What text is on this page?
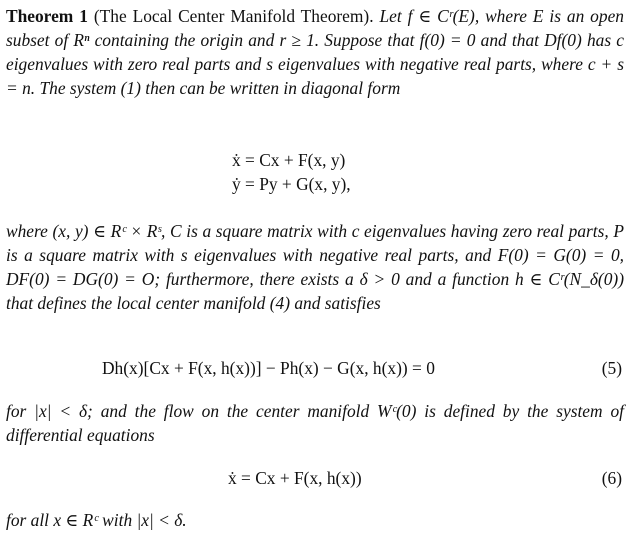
Theorem 1 (The Local Center Manifold Theorem). Let f ∈ Cʳ(E), where E is an open subset of Rⁿ containing the origin and r ≥ 1. Suppose that f(0) = 0 and that Df(0) has c eigenvalues with zero real parts and s eigenvalues with negative real parts, where c + s = n. The system (1) then can be written in diagonal form
ẋ = Cx + F(x, y)
ẏ = Py + G(x, y),
where (x, y) ∈ Rᶜ × Rˢ, C is a square matrix with c eigenvalues having zero real parts, P is a square matrix with s eigenvalues with negative real parts, and F(0) = G(0) = 0, DF(0) = DG(0) = O; furthermore, there exists a δ > 0 and a function h ∈ Cʳ(N_δ(0)) that defines the local center manifold (4) and satisfies
Dh(x)[Cx + F(x, h(x))] − Ph(x) − G(x, h(x)) = 0	(5)
for |x| < δ; and the flow on the center manifold Wᶜ(0) is defined by the system of differential equations
ẋ = Cx + F(x, h(x))	(6)
for all x ∈ Rᶜ with |x| < δ.
